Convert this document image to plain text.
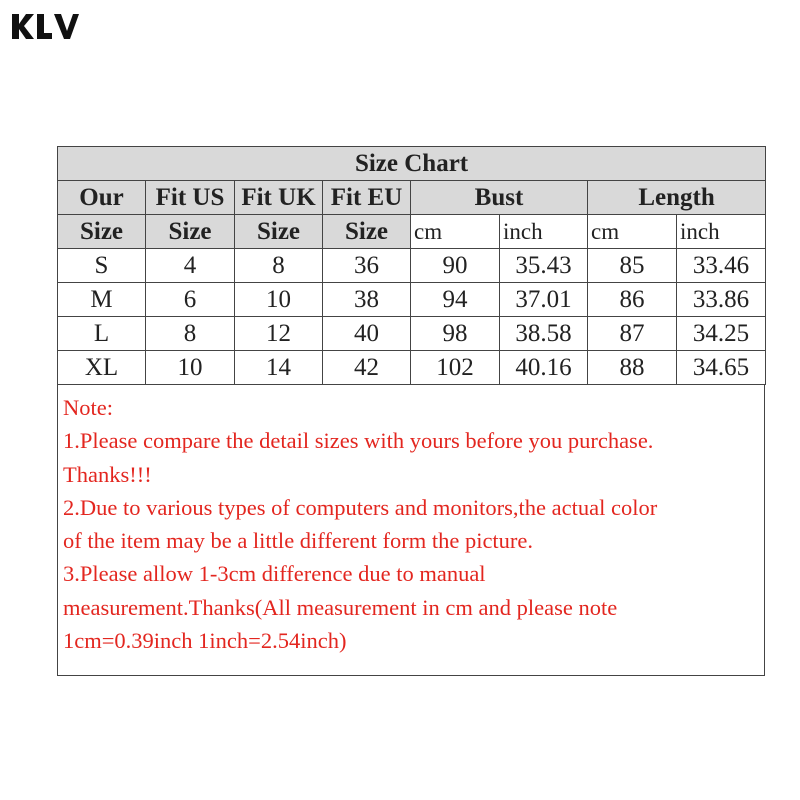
Size Chart							
Our	Fit US	Fit UK	Fit EU	Bust		Length	
Size	Size	Size	Size	cm	inch	cm	inch
S	4	8	36	90	35.43	85	33.46
M	6	10	38	94	37.01	86	33.86
L	8	12	40	98	38.58	87	34.25
XL	10	14	42	102	40.16	88	34.65
Note:
1.Please compare the detail sizes with yours before you purchase.
Thanks!!!
2.Due to various types of computers and monitors,the actual color
of the item may be a little different form the picture.
3.Please allow 1-3cm difference due to manual
measurement.Thanks(All measurement in cm and please note
1cm=0.39inch 1inch=2.54inch)
